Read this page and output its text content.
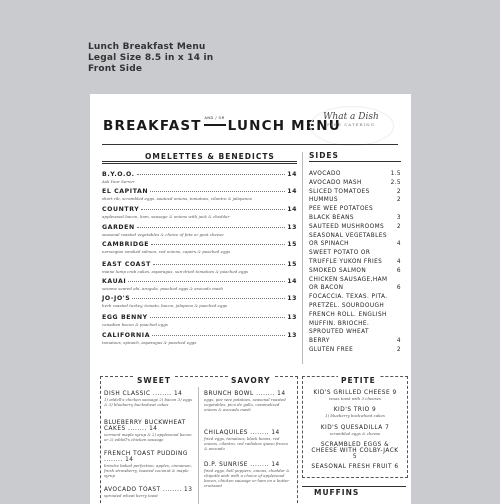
Lunch Breakfast Menu
Legal Size 8.5 in x 14 in
Front Side
BREAKFAST
AND / OR
LUNCH MENU
What a Dish
FINE CATERING
OMELETTES & BENEDICTS	SIDES
B.Y.O.O.	14
Ask Your Server
EL CAPITAN	14
short rib, scrambled eggs, sauteed onions, tomatoes, cilantro & jalapenos
COUNTRY	14
applewood bacon, ham, sausage & onions with jack & cheddar
GARDEN	13
seasonal roasted vegetables & choice of feta or goat cheese
CAMBRIDGE	15
norwegian smoked salmon, red onions, capers & poached eggs
EAST COAST	15
maine lump crab cakes, asparagus, sun-dried tomatoes & poached eggs
KAUAI	14
sesame seared ahi, arugula, poached eggs & avocado mash
JO-JO'S	13
herb roasted turkey, tomato, bacon, jalapeno & poached eggs
EGG BENNY	13
canadian bacon & poached eggs
CALIFORNIA	13
tomatoes, spinach, asparagus & poached eggs
AVOCADO	1.5
AVOCADO MASH	2.5
SLICED TOMATOES	2
HUMMUS	2
PEE WEE POTATOES
BLACK BEANS	3
SAUTEED MUSHROOMS	2
SEASONAL VEGETABLES
OR SPINACH	4
SWEET POTATO OR
TRUFFLE YUKON FRIES	4
SMOKED SALMON	6
CHICKEN SAUSAGE,HAM
OR BACON	6
FOCACCIA. TEXAS. PITA.
PRETZEL. SOURDOUGH
FRENCH ROLL. ENGLISH
MUFFIN. BRIOCHE.
SPROUTED WHEAT
BERRY	4
GLUTEN FREE	2
SWEET	SAVORY
DISH CLASSIC ........ 14
1) eddell's chicken sausage 2) bacon 3) eggs & 3) blueberry buckwheat cakes
BLUEBERRY BUCKWHEAT CAKES ........ 14
vermont maple syrup & 2) applewood bacon or 2) eddell's chicken sausage
FRENCH TOAST PUDDING ........ 14
brioche baked perfection, apples, cinnamon, fresh strawberry, toasted coconut & maple syrup
AVOCADO TOAST ........ 13
sprouted wheat berry toast
BRUNCH BOWL ........ 14
eggs, pee wee potatoes, seasonal roasted vegetables, pico de gallo, caramelized onions & avocado mash
CHILAQUILES ........ 14
fried eggs, tomatoes, black beans, red onions, cilantro, red radishes queso fresco & avocado
D.P. SUNRISE ........ 14
fried eggs, bell peppers, onions, cheddar & chipotle aioli with a choice of applewood bacon, chicken sausage or ham on a butter croissant
PETITE
KID'S GRILLED CHEESE 9
texas toast with 3 cheeses
KID'S TRIO 9
1) blueberry buckwheat cakes
KID'S QUESADILLA 7
scrambled eggs & cheese
SCRAMBLED EGGS & CHEESE WITH COLBY-JACK 5
SEASONAL FRESH FRUIT 6
MUFFINS
